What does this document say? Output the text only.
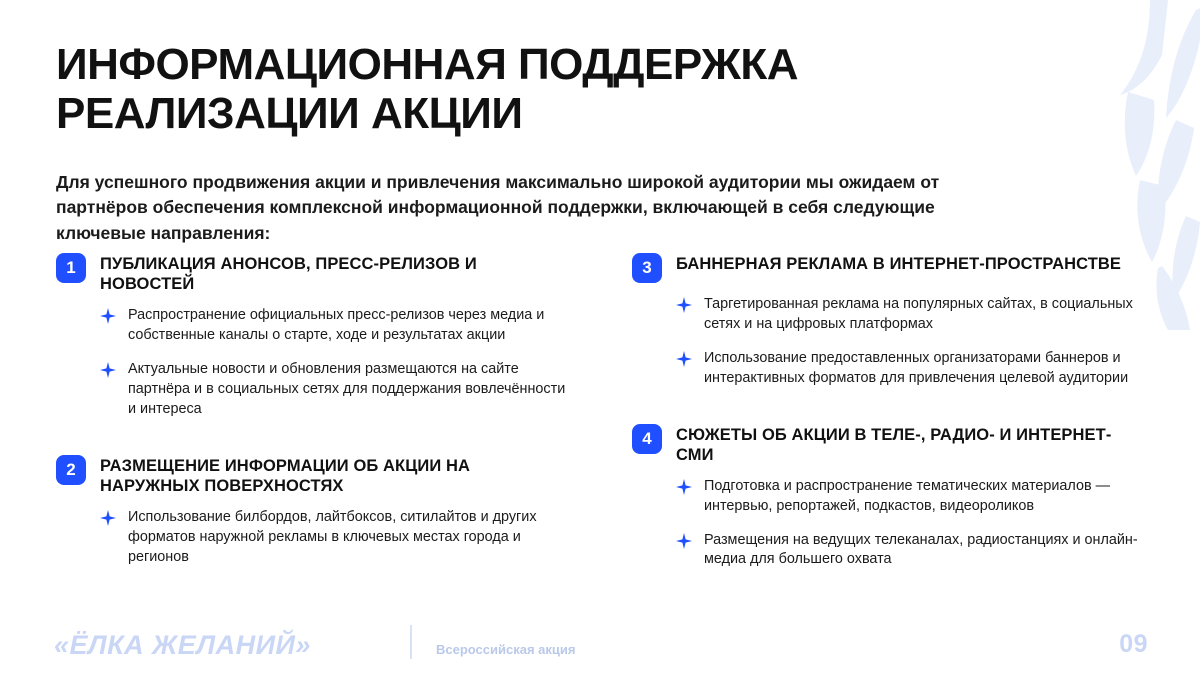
ИНФОРМАЦИОННАЯ ПОДДЕРЖКА РЕАЛИЗАЦИИ АКЦИИ
Для успешного продвижения акции и привлечения максимально широкой аудитории мы ожидаем от партнёров обеспечения комплексной информационной поддержки, включающей в себя следующие ключевые направления:
1	ПУБЛИКАЦИЯ АНОНСОВ, ПРЕСС-РЕЛИЗОВ И НОВОСТЕЙ
Распространение официальных пресс-релизов через медиа и собственные каналы о старте, ходе и результатах акции
Актуальные новости и обновления размещаются на сайте партнёра и в социальных сетях для поддержания вовлечённости и интереса
2	РАЗМЕЩЕНИЕ ИНФОРМАЦИИ ОБ АКЦИИ НА НАРУЖНЫХ ПОВЕРХНОСТЯХ
Использование билбордов, лайтбоксов, ситилайтов и других форматов наружной рекламы в ключевых местах города и регионов
3	БАННЕРНАЯ РЕКЛАМА В ИНТЕРНЕТ-ПРОСТРАНСТВЕ
Таргетированная реклама на популярных сайтах, в социальных сетях и на цифровых платформах
Использование предоставленных организаторами баннеров и интерактивных форматов для привлечения целевой аудитории
4	СЮЖЕТЫ ОБ АКЦИИ В ТЕЛЕ-, РАДИО- И ИНТЕРНЕТ-СМИ
Подготовка и распространение тематических материалов — интервью, репортажей, подкастов, видеороликов
Размещения на ведущих телеканалах, радиостанциях и онлайн-медиа для большего охвата
«ЁЛКА ЖЕЛАНИЙ»	Всероссийская акция	09
